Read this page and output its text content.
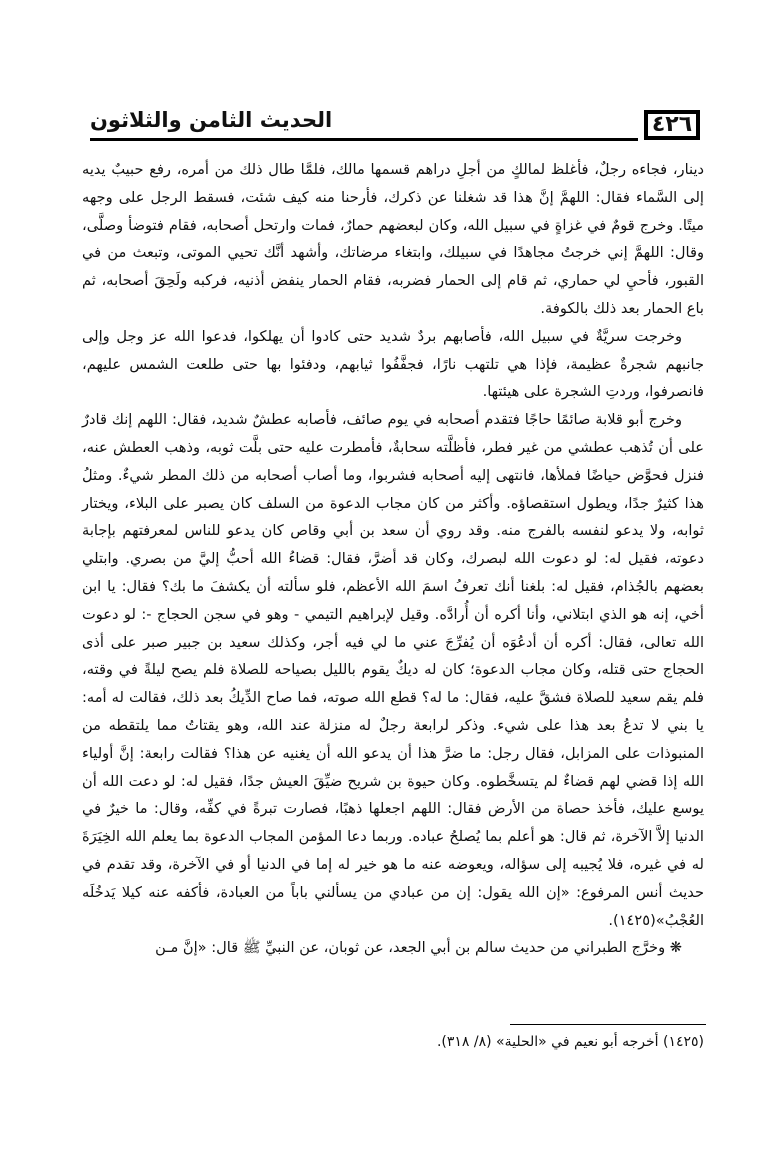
٤٢٦
الحديث الثامن والثلاثون

دينار، فجاءه رجلٌ، فأغلظ لمالكٍ من أجلِ دراهم قسمها مالك، فلمَّا طال ذلك من أمره، رفع حبيبٌ يديه إلى السَّماء فقال: اللهمَّ إنَّ هذا قد شغلنا عن ذكرك، فأرحنا منه كيف شئت، فسقط الرجل على وجهه ميتًا. وخرج قومٌ في غزاةٍ في سبيل الله، وكان لبعضهم حمارٌ، فمات وارتحل أصحابه، فقام فتوضأ وصلَّى، وقال: اللهمَّ إني خرجتُ مجاهدًا في سبيلك، وابتغاء مرضاتك، وأشهد أنَّك تحيي الموتى، وتبعث من في القبور، فأحيِ لي حماري، ثم قام إلى الحمار فضربه، فقام الحمار ينفض أذنيه، فركبه ولَحِقَ أصحابه، ثم باع الحمار بعد ذلك بالكوفة.

وخرجت سريَّةٌ في سبيل الله، فأصابهم بردٌ شديد حتى كادوا أن يهلكوا، فدعوا الله عز وجل وإلى جانبهم شجرةٌ عظيمة، فإذا هي تلتهب نارًا، فجفَّفُوا ثيابهم، ودفئوا بها حتى طلعت الشمس عليهم، فانصرفوا، وردتِ الشجرة على هيئتها.

وخرج أبو قلابة صائمًا حاجًا فتقدم أصحابه في يوم صائف، فأصابه عطشٌ شديد، فقال: اللهم إنك قادرٌ على أن تُذهب عطشي من غير فطر، فأظلَّته سحابةٌ، فأمطرت عليه حتى بلَّت ثوبه، وذهب العطش عنه، فنزل فحوَّض حياضًا فملأها، فانتهى إليه أصحابه فشربوا، وما أصاب أصحابه من ذلك المطر شيءٌ. ومثلُ هذا كثيرٌ جدًا، ويطول استقصاؤه. وأكثر من كان مجاب الدعوة من السلف كان يصبر على البلاء، ويختار ثوابه، ولا يدعو لنفسه بالفرج منه. وقد روي أن سعد بن أبي وقاص كان يدعو للناس لمعرفتهم بإجابة دعوته، فقيل له: لو دعوت الله لبصرك، وكان قد أضرَّ، فقال: قضاءُ الله أحبُّ إليَّ من بصري. وابتلي بعضهم بالجُذام، فقيل له: بلغنا أنك تعرفُ اسمَ الله الأعظم، فلو سألته أن يكشفَ ما بك؟ فقال: يا ابن أخي، إنه هو الذي ابتلاني، وأنا أكره أن أُرادَّه. وقيل لإبراهيم التيمي - وهو في سجن الحجاج -: لو دعوت الله تعالى، فقال: أكره أن أدعُوَه أن يُفرِّجَ عني ما لي فيه أجر، وكذلك سعيد بن جبير صبر على أذى الحجاج حتى قتله، وكان مجاب الدعوة؛ كان له ديكٌ يقوم بالليل بصياحه للصلاة فلم يصح ليلةً في وقته، فلم يقم سعيد للصلاة فشقَّ عليه، فقال: ما له؟ قطع الله صوته، فما صاح الدِّيكُ بعد ذلك، فقالت له أمه: يا بني لا تدعُ بعد هذا على شيء. وذكر لرابعة رجلٌ له منزلة عند الله، وهو يقتاتُ مما يلتقطه من المنبوذات على المزابل، فقال رجل: ما ضرَّ هذا أن يدعو الله أن يغنيه عن هذا؟ فقالت رابعة: إنَّ أولياء الله إذا قضي لهم قضاءٌ لم يتسخَّطوه. وكان حيوة بن شريح ضيِّقَ العيش جدًا، فقيل له: لو دعت الله أن يوسع عليك، فأخذ حصاة من الأرض فقال: اللهم اجعلها ذهبًا، فصارت تبرةً في كفِّه، وقال: ما خيرٌ في الدنيا إلاَّ الآخرة، ثم قال: هو أعلم بما يُصلحُ عباده. وربما دعا المؤمن المجاب الدعوة بما يعلم الله الخِيَرَةَ له في غيره، فلا يُجيبه إلى سؤاله، ويعوضه عنه ما هو خير له إما في الدنيا أو في الآخرة، وقد تقدم في حديث أنس المرفوع: «إن الله يقول: إن من عبادي من يسألني باباً من العبادة، فأكفه عنه كيلا يَدخُلَه العُجْبُ»(١٤٢٥).

❋ وخرَّج الطبراني من حديث سالم بن أبي الجعد، عن ثوبان، عن النبيِّ ﷺ قال: «إنَّ مـن

(١٤٢٥) أخرجه أبو نعيم في «الحلية» (٨/ ٣١٨).
